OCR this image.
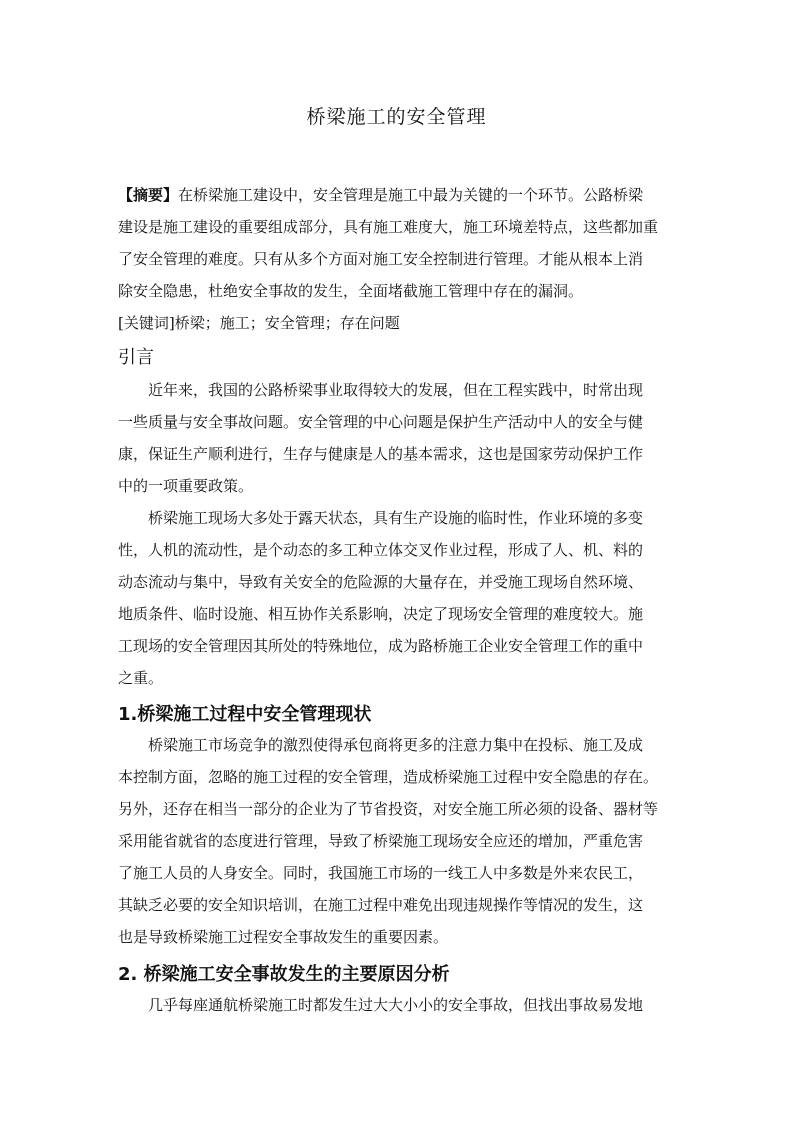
桥梁施工的安全管理
【摘要】在桥梁施工建设中，安全管理是施工中最为关键的一个环节。公路桥梁
建设是施工建设的重要组成部分，具有施工难度大，施工环境差特点，这些都加重
了安全管理的难度。只有从多个方面对施工安全控制进行管理。才能从根本上消
除安全隐患，杜绝安全事故的发生，全面堵截施工管理中存在的漏洞。
[关键词]桥梁；施工；安全管理；存在问题
引言
近年来，我国的公路桥梁事业取得较大的发展，但在工程实践中，时常出现
一些质量与安全事故问题。安全管理的中心问题是保护生产活动中人的安全与健
康，保证生产顺利进行，生存与健康是人的基本需求，这也是国家劳动保护工作
中的一项重要政策。
桥梁施工现场大多处于露天状态，具有生产设施的临时性，作业环境的多变
性，人机的流动性，是个动态的多工种立体交叉作业过程，形成了人、机、料的
动态流动与集中，导致有关安全的危险源的大量存在，并受施工现场自然环境、
地质条件、临时设施、相互协作关系影响，决定了现场安全管理的难度较大。施
工现场的安全管理因其所处的特殊地位，成为路桥施工企业安全管理工作的重中
之重。
1.桥梁施工过程中安全管理现状
桥梁施工市场竞争的激烈使得承包商将更多的注意力集中在投标、施工及成
本控制方面，忽略的施工过程的安全管理，造成桥梁施工过程中安全隐患的存在。
另外，还存在相当一部分的企业为了节省投资，对安全施工所必须的设备、器材等
采用能省就省的态度进行管理，导致了桥梁施工现场安全应还的增加，严重危害
了施工人员的人身安全。同时，我国施工市场的一线工人中多数是外来农民工，
其缺乏必要的安全知识培训，在施工过程中难免出现违规操作等情况的发生，这
也是导致桥梁施工过程安全事故发生的重要因素。
2. 桥梁施工安全事故发生的主要原因分析
几乎每座通航桥梁施工时都发生过大大小小的安全事故，但找出事故易发地
